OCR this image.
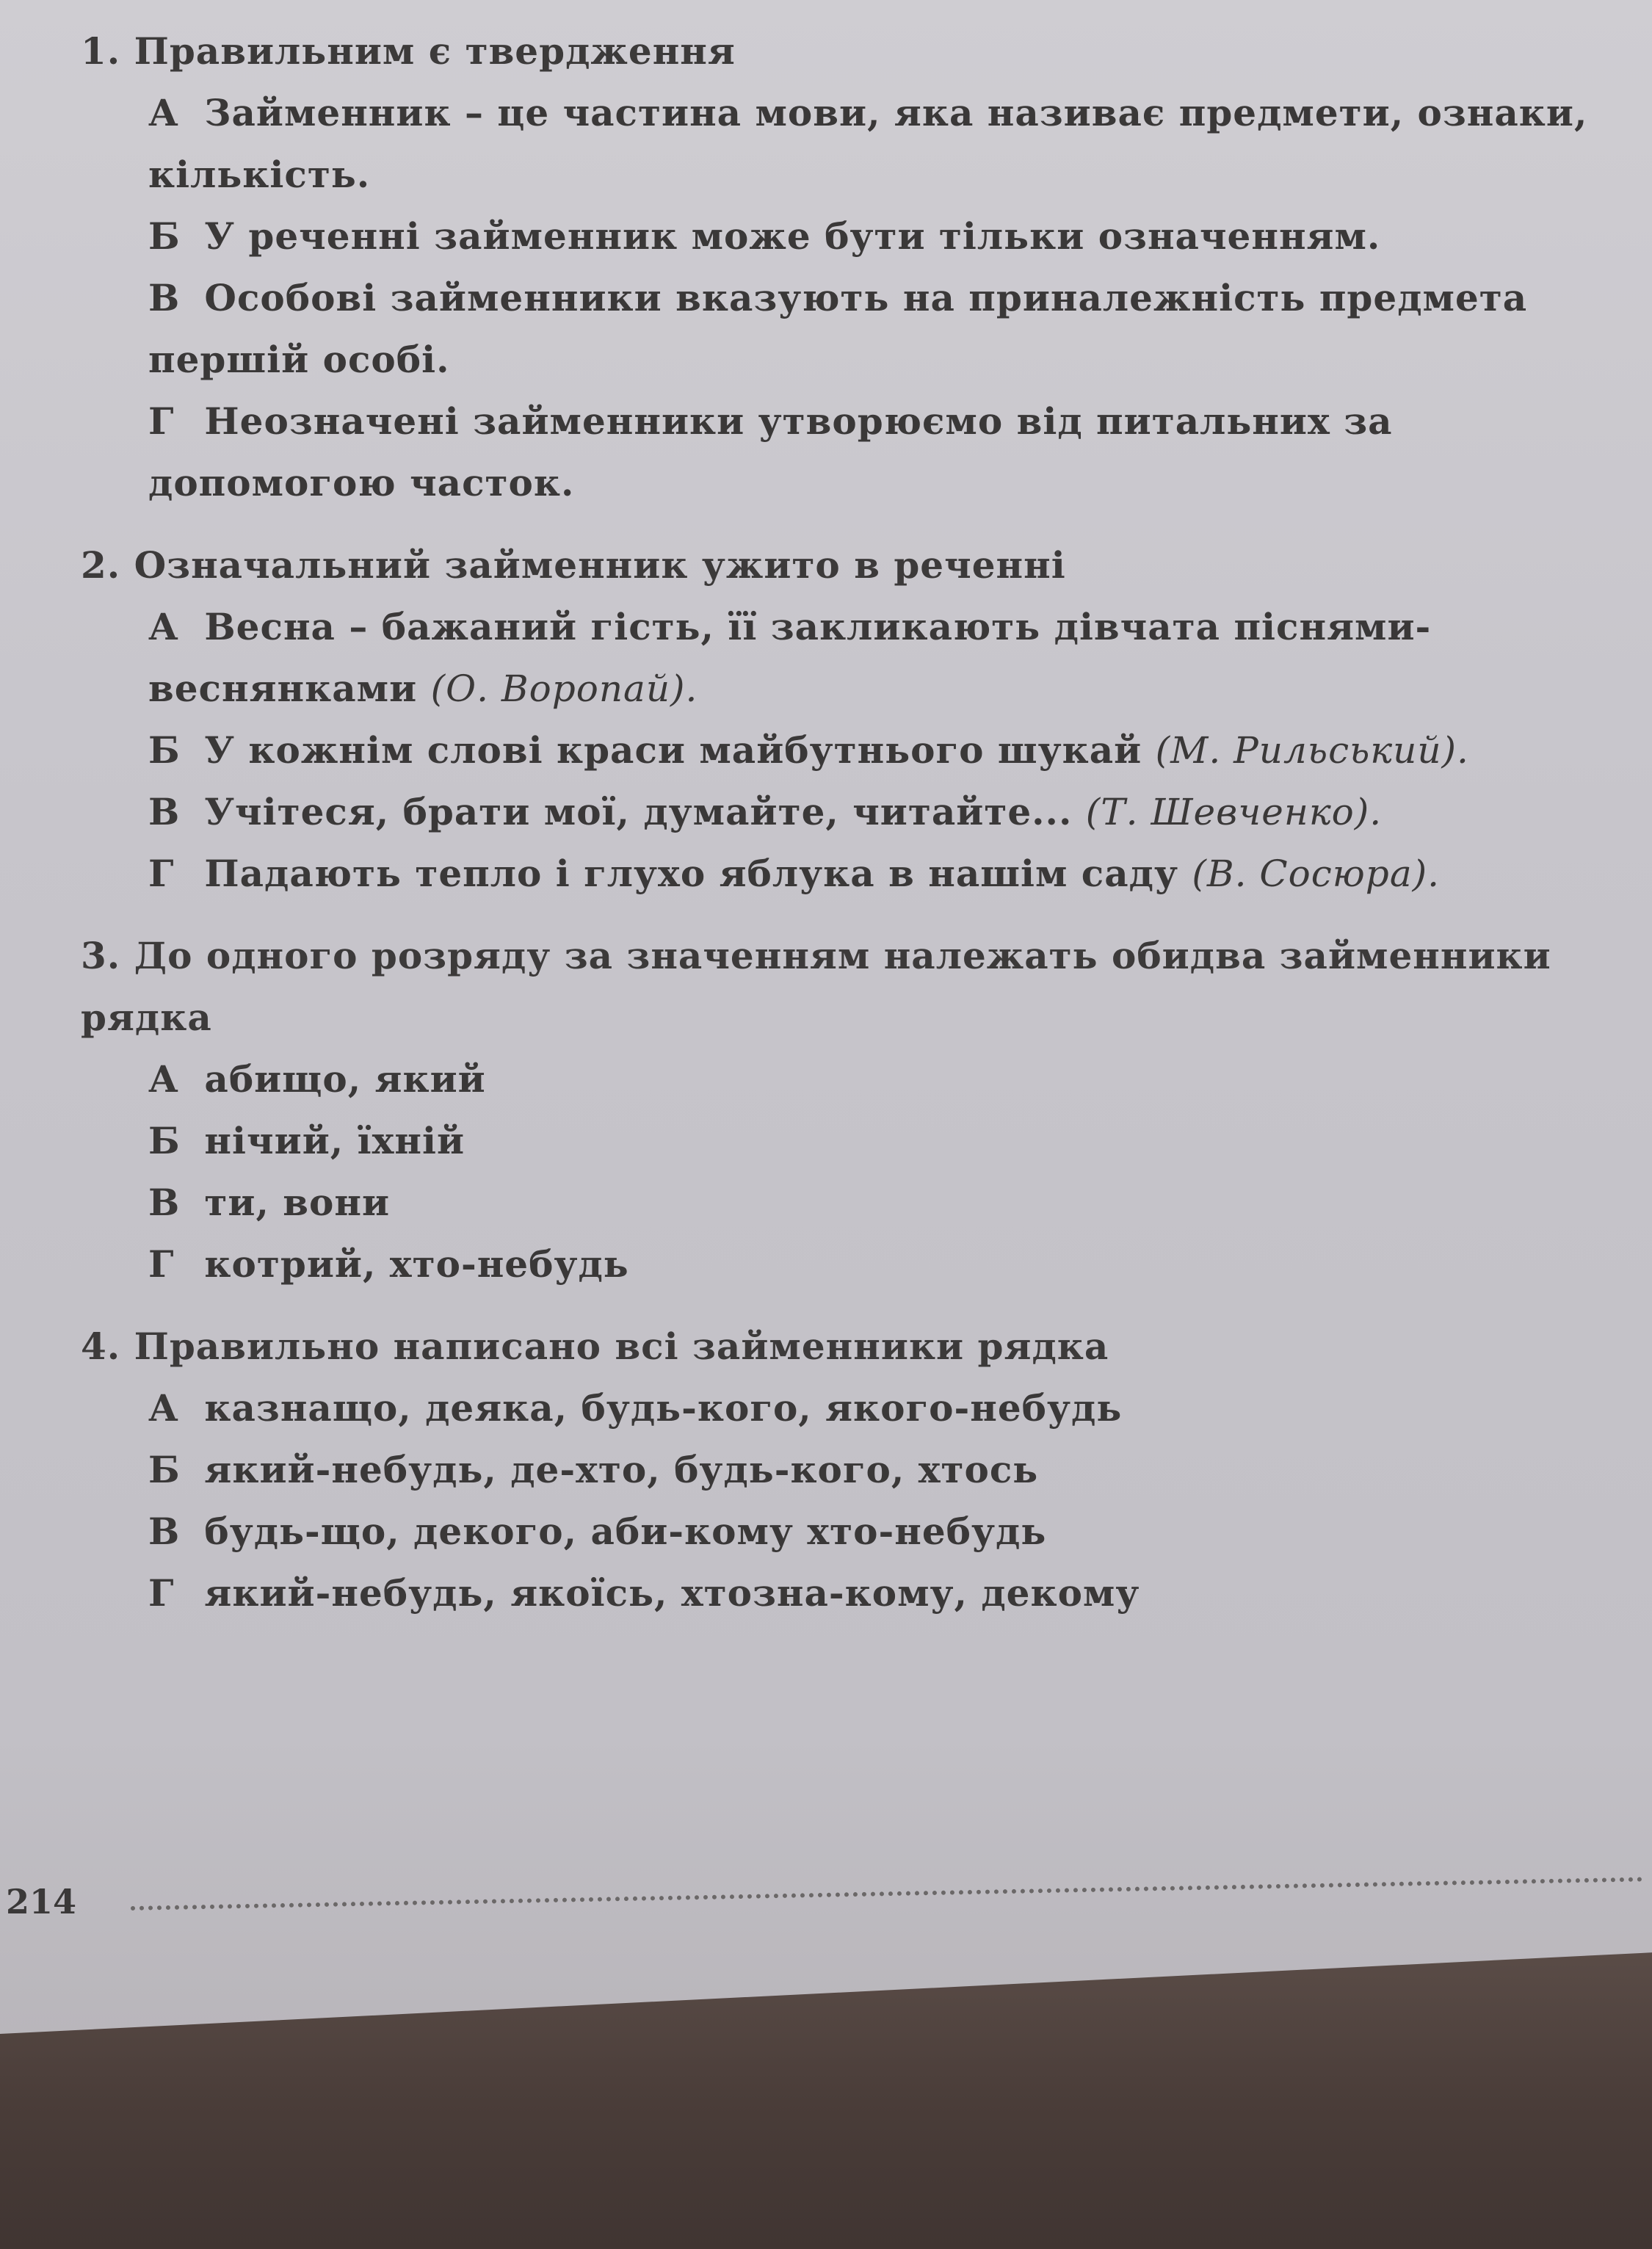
1. Правильним є твердження
А Займенник – це частина мови, яка називає предмети, ознаки, кількість.
Б У реченні займенник може бути тільки означенням.
В Особові займенники вказують на приналежність предмета першій особі.
Г Неозначені займенники утворюємо від питальних за допомогою часток.
2. Означальний займенник ужито в реченні
А Весна – бажаний гість, її закликають дівчата піснями-веснянками (О. Воропай).
Б У кожнім слові краси майбутнього шукай (М. Рильський).
В Учітеся, брати мої, думайте, читайте... (Т. Шевченко).
Г Падають тепло і глухо яблука в нашім саду (В. Сосюра).
3. До одного розряду за значенням належать обидва займенники рядка
А абищо, який
Б нічий, їхній
В ти, вони
Г котрий, хто-небудь
4. Правильно написано всі займенники рядка
А казнащо, деяка, будь-кого, якого-небудь
Б який-небудь, де-хто, будь-кого, хтось
В будь-що, декого, аби-кому хто-небудь
Г який-небудь, якоїсь, хтозна-кому, декому
214
